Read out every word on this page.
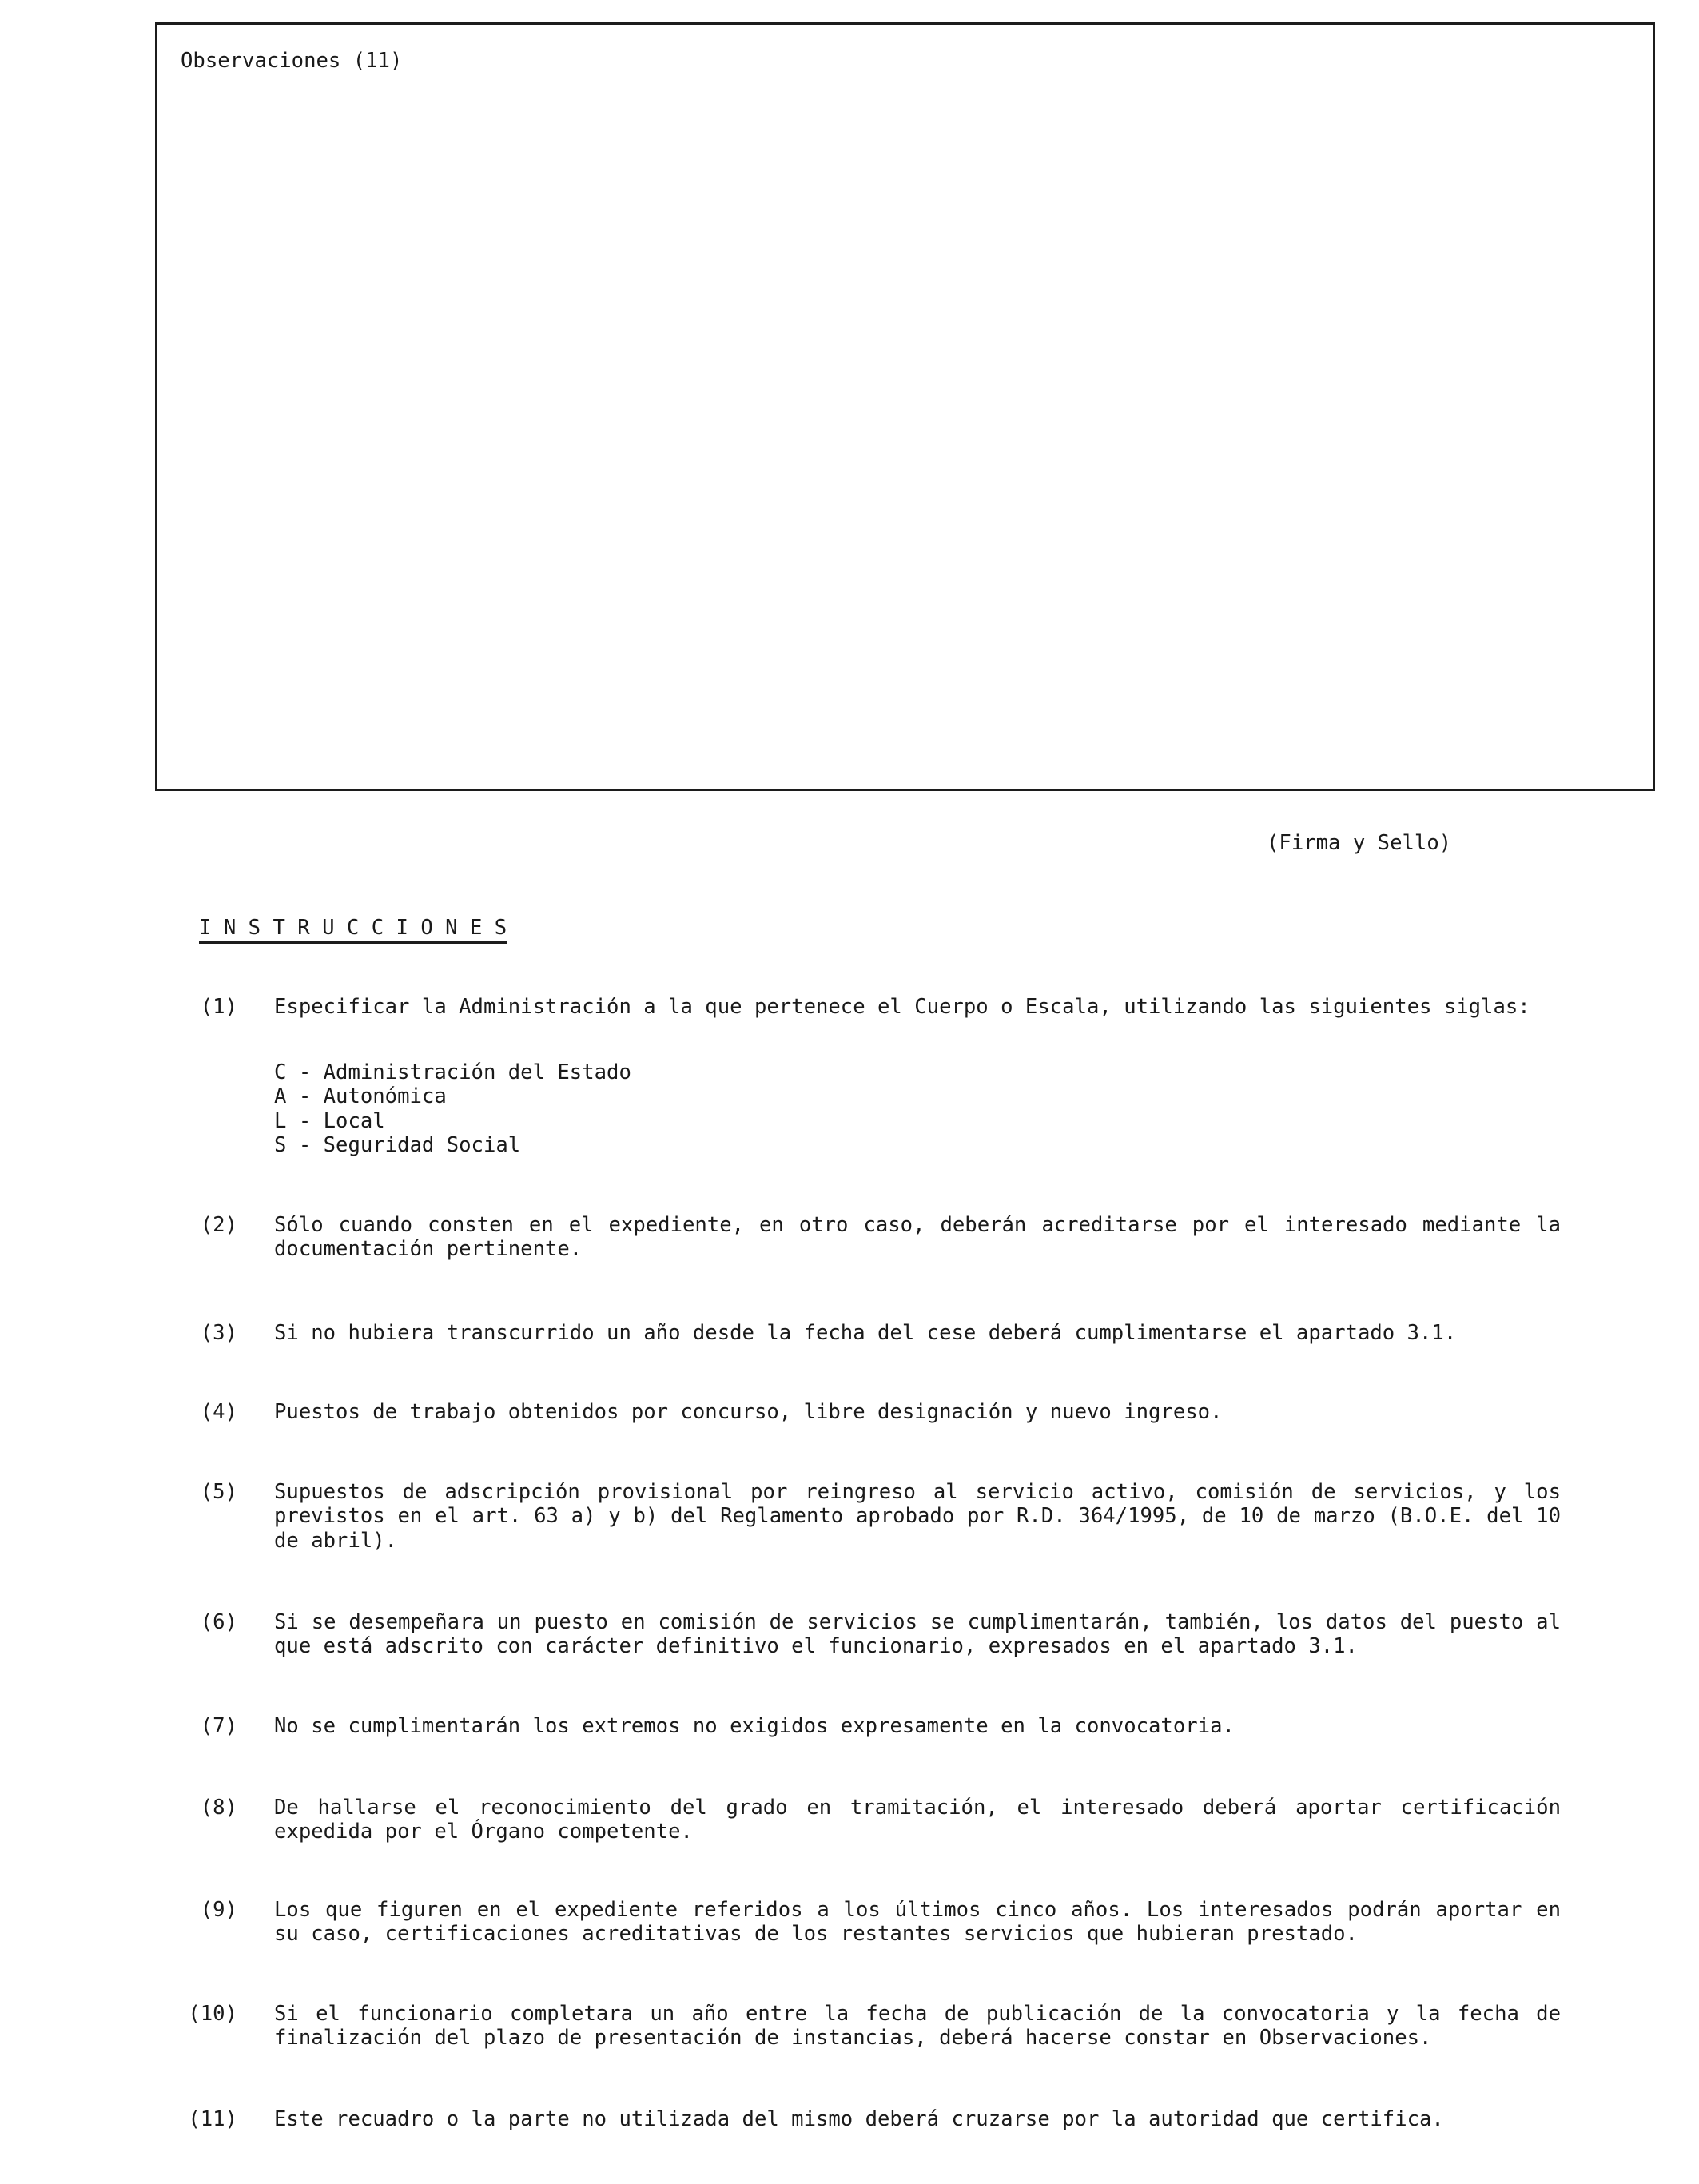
Observaciones (11)
(Firma y Sello)
I N S T R U C C I O N E S
(1) Especificar la Administración a la que pertenece el Cuerpo o Escala, utilizando las siguientes siglas:
C - Administración del Estado
A - Autonómica
L - Local
S - Seguridad Social
(2) Sólo cuando consten en el expediente, en otro caso, deberán acreditarse por el interesado mediante la documentación pertinente.
(3) Si no hubiera transcurrido un año desde la fecha del cese deberá cumplimentarse el apartado 3.1.
(4) Puestos de trabajo obtenidos por concurso, libre designación y nuevo ingreso.
(5) Supuestos de adscripción provisional por reingreso al servicio activo, comisión de servicios, y los previstos en el art. 63 a) y b) del Reglamento aprobado por R.D. 364/1995, de 10 de marzo (B.O.E. del 10 de abril).
(6) Si se desempeñara un puesto en comisión de servicios se cumplimentarán, también, los datos del puesto al que está adscrito con carácter definitivo el funcionario, expresados en el apartado 3.1.
(7) No se cumplimentarán los extremos no exigidos expresamente en la convocatoria.
(8) De hallarse el reconocimiento del grado en tramitación, el interesado deberá aportar certificación expedida por el Órgano competente.
(9) Los que figuren en el expediente referidos a los últimos cinco años. Los interesados podrán aportar en su caso, certificaciones acreditativas de los restantes servicios que hubieran prestado.
(10) Si el funcionario completara un año entre la fecha de publicación de la convocatoria y la fecha de finalización del plazo de presentación de instancias, deberá hacerse constar en Observaciones.
(11) Este recuadro o la parte no utilizada del mismo deberá cruzarse por la autoridad que certifica.
